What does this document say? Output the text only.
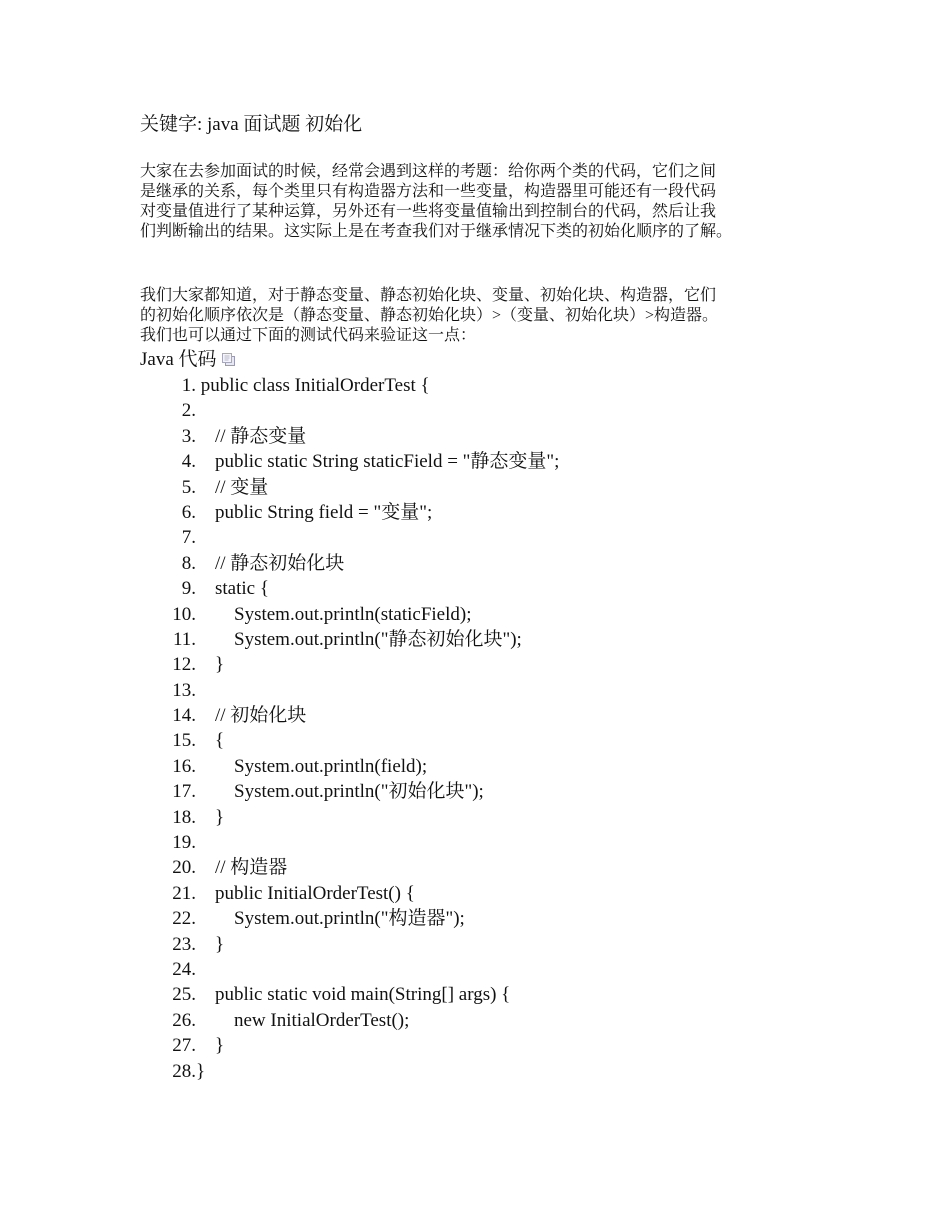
关键字: java 面试题 初始化
大家在去参加面试的时候，经常会遇到这样的考题：给你两个类的代码，它们之间
是继承的关系，每个类里只有构造器方法和一些变量，构造器里可能还有一段代码
对变量值进行了某种运算，另外还有一些将变量值输出到控制台的代码，然后让我
们判断输出的结果。这实际上是在考查我们对于继承情况下类的初始化顺序的了解。
我们大家都知道，对于静态变量、静态初始化块、变量、初始化块、构造器，它们
的初始化顺序依次是（静态变量、静态初始化块）>（变量、初始化块）>构造器。
我们也可以通过下面的测试代码来验证这一点：
Java 代码
1. public class InitialOrderTest {
2.
3. // 静态变量
4. public static String staticField = "静态变量";
5. // 变量
6. public String field = "变量";
7.
8. // 静态初始化块
9. static {
10. System.out.println(staticField);
11. System.out.println("静态初始化块");
12. }
13.
14. // 初始化块
15. {
16. System.out.println(field);
17. System.out.println("初始化块");
18. }
19.
20. // 构造器
21. public InitialOrderTest() {
22. System.out.println("构造器");
23. }
24.
25. public static void main(String[] args) {
26. new InitialOrderTest();
27. }
28. }
